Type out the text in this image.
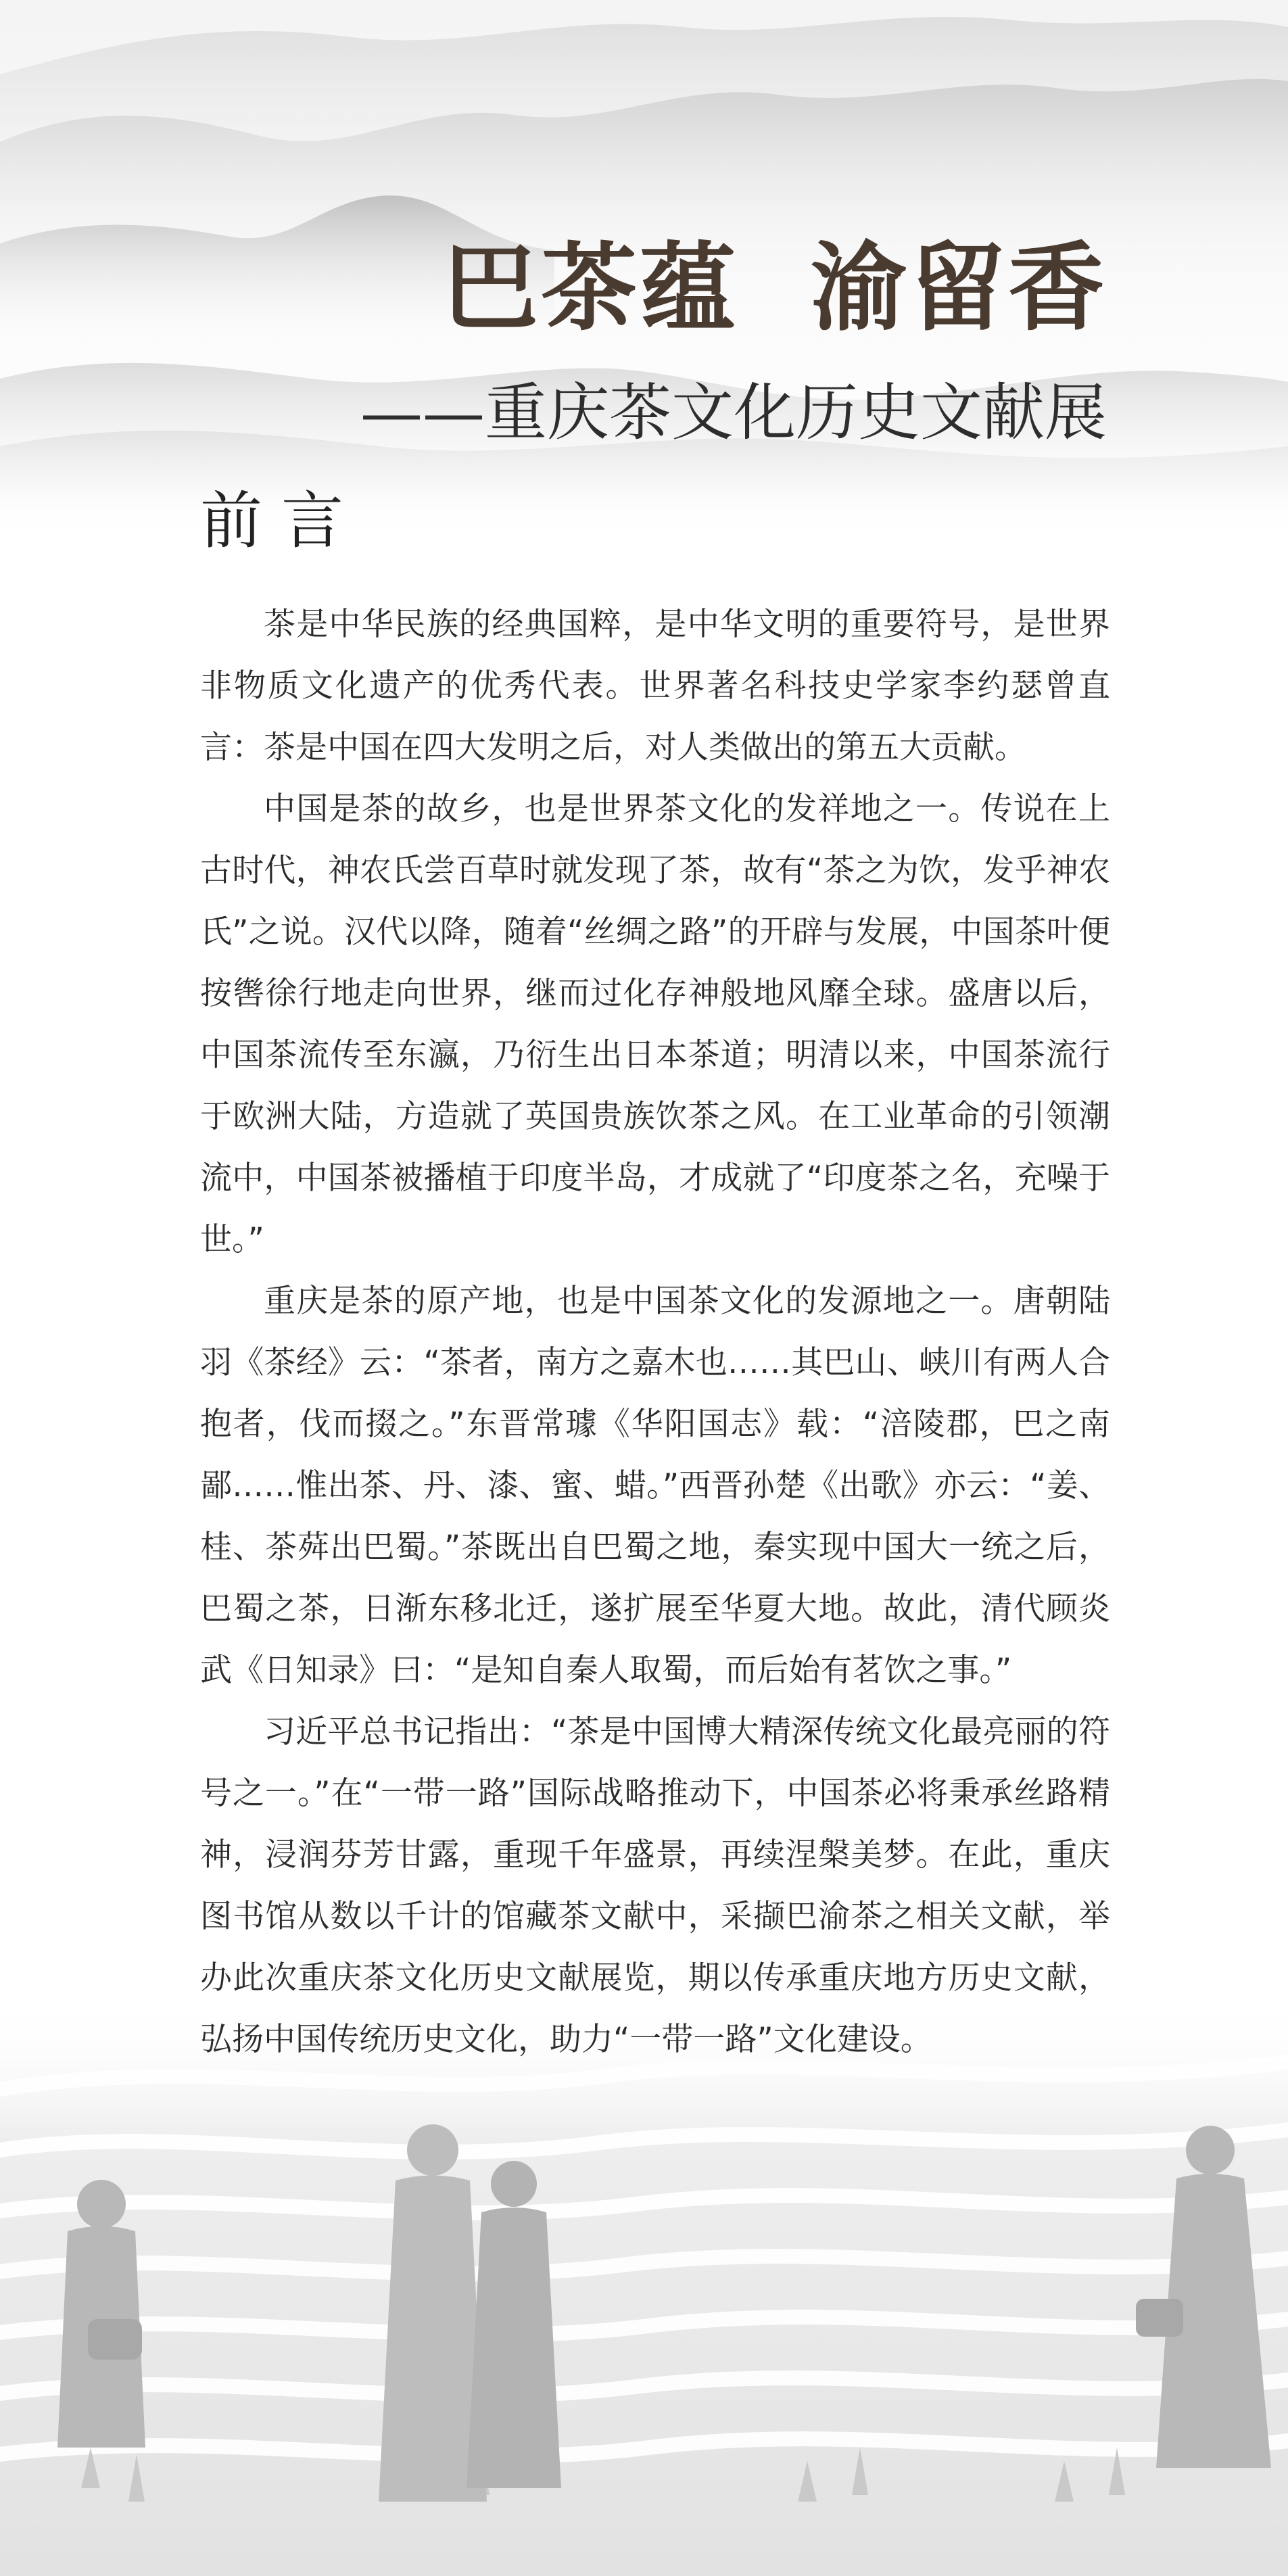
巴茶蕴  渝留香
——重庆茶文化历史文献展
前言

茶是中华民族的经典国粹，是中华文明的重要符号，是世界非物质文化遗产的优秀代表。世界著名科技史学家李约瑟曾直言：茶是中国在四大发明之后，对人类做出的第五大贡献。

中国是茶的故乡，也是世界茶文化的发祥地之一。传说在上古时代，神农氏尝百草时就发现了茶，故有“茶之为饮，发乎神农氏”之说。汉代以降，随着“丝绸之路”的开辟与发展，中国茶叶便按辔徐行地走向世界，继而过化存神般地风靡全球。盛唐以后，中国茶流传至东瀛，乃衍生出日本茶道；明清以来，中国茶流行于欧洲大陆，方造就了英国贵族饮茶之风。在工业革命的引领潮流中，中国茶被播植于印度半岛，才成就了“印度茶之名，充噪于世。”

重庆是茶的原产地，也是中国茶文化的发源地之一。唐朝陆羽《茶经》云：“茶者，南方之嘉木也……其巴山、峡川有两人合抱者，伐而掇之。”东晋常璩《华阳国志》载：“涪陵郡，巴之南鄙……惟出茶、丹、漆、蜜、蜡。”西晋孙楚《出歌》亦云：“姜、桂、茶荈出巴蜀。”茶既出自巴蜀之地，秦实现中国大一统之后，巴蜀之茶，日渐东移北迁，遂扩展至华夏大地。故此，清代顾炎武《日知录》曰：“是知自秦人取蜀，而后始有茗饮之事。”

习近平总书记指出：“茶是中国博大精深传统文化最亮丽的符号之一。”在“一带一路”国际战略推动下，中国茶必将秉承丝路精神，浸润芬芳甘露，重现千年盛景，再续涅槃美梦。在此，重庆图书馆从数以千计的馆藏茶文献中，采撷巴渝茶之相关文献，举办此次重庆茶文化历史文献展览，期以传承重庆地方历史文献，弘扬中国传统历史文化，助力“一带一路”文化建设。
